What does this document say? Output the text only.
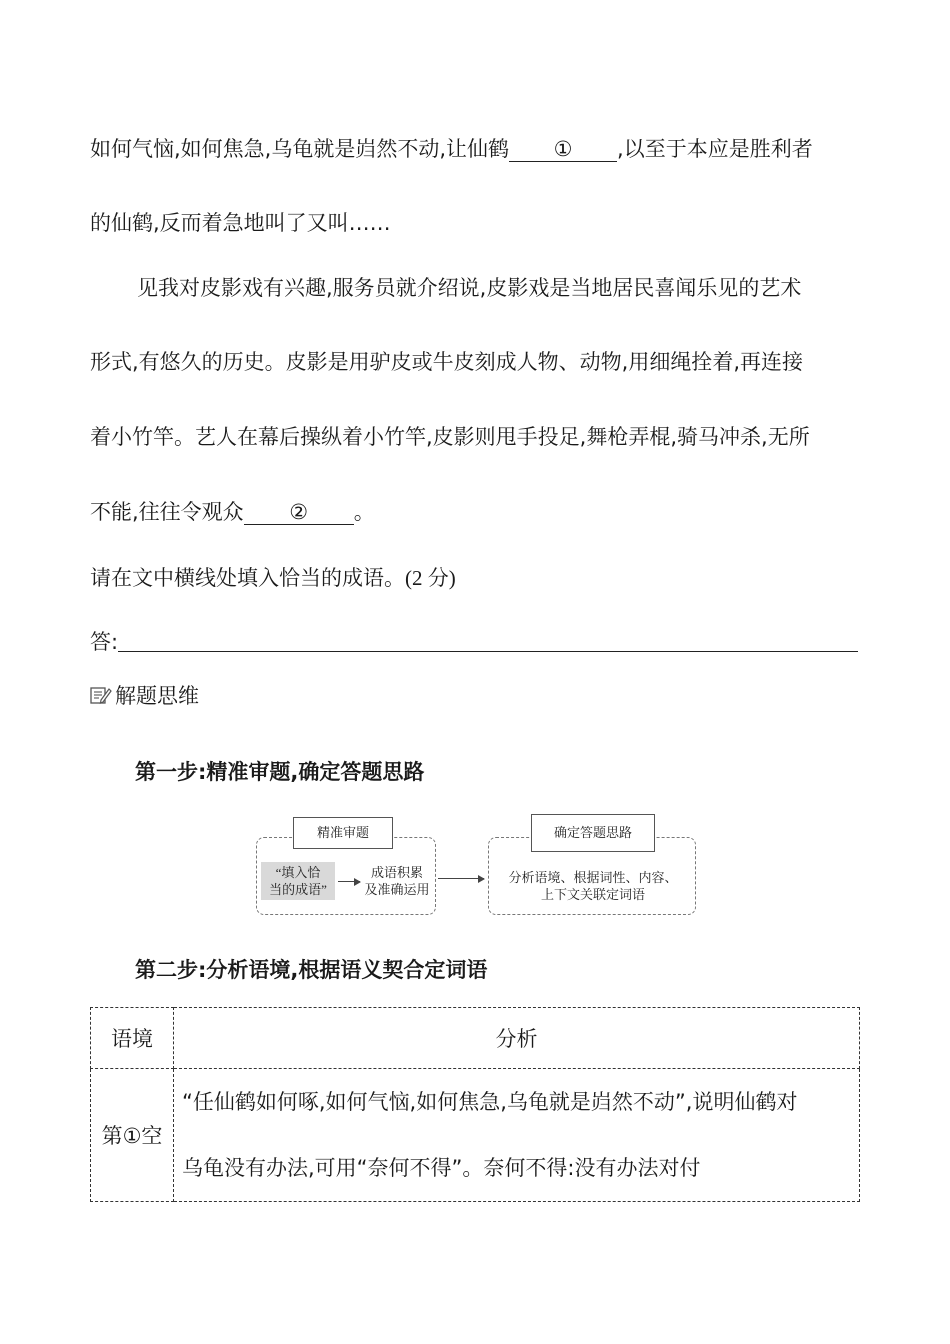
如何气恼,如何焦急,乌龟就是岿然不动,让仙鹤 ① ,以至于本应是胜利者
的仙鹤,反而着急地叫了又叫……
见我对皮影戏有兴趣,服务员就介绍说,皮影戏是当地居民喜闻乐见的艺术
形式,有悠久的历史。皮影是用驴皮或牛皮刻成人物、动物,用细绳拴着,再连接
着小竹竿。艺人在幕后操纵着小竹竿,皮影则甩手投足,舞枪弄棍,骑马冲杀,无所
不能,往往令观众 ② 。
请在文中横线处填入恰当的成语。(2 分)
答:
解题思维
第一步:精准审题,确定答题思路
精准审题
“填入恰
当的成语”
成语积累
及准确运用
确定答题思路
分析语境、根据词性、内容、
上下文关联定词语
第二步:分析语境,根据语义契合定词语
语境	分析
第①空	“任仙鹤如何啄,如何气恼,如何焦急,乌龟就是岿然不动”,说明仙鹤对
乌龟没有办法,可用“奈何不得”。奈何不得:没有办法对付
